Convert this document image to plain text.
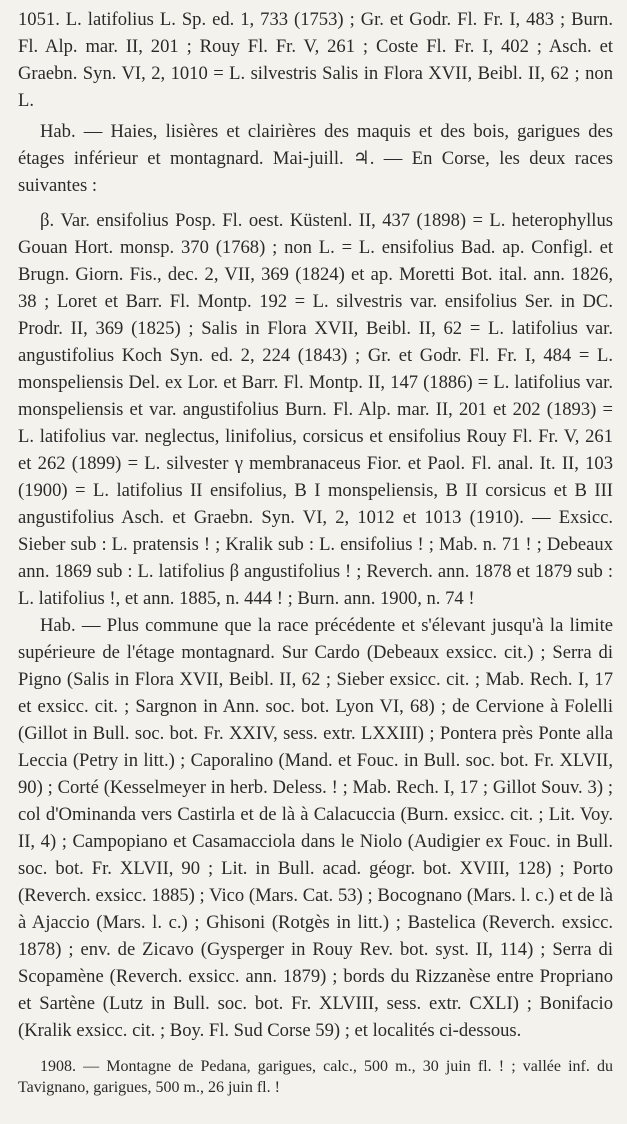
1051. L. latifolius L. Sp. ed. 1, 733 (1753) ; Gr. et Godr. Fl. Fr. I, 483 ; Burn. Fl. Alp. mar. II, 201 ; Rouy Fl. Fr. V, 261 ; Coste Fl. Fr. I, 402 ; Asch. et Graebn. Syn. VI, 2, 1010 = L. silvestris Salis in Flora XVII, Beibl. II, 62 ; non L.

Hab. — Haies, lisières et clairières des maquis et des bois, garigues des étages inférieur et montagnard. Mai-juill. ♃. — En Corse, les deux races suivantes :

β. Var. ensifolius Posp. Fl. oest. Küstenl. II, 437 (1898) = L. heterophyllus Gouan Hort. monsp. 370 (1768) ; non L. = L. ensifolius Bad. ap. Configl. et Brugn. Giorn. Fis., dec. 2, VII, 369 (1824) et ap. Moretti Bot. ital. ann. 1826, 38 ; Loret et Barr. Fl. Montp. 192 = L. silvestris var. ensifolius Ser. in DC. Prodr. II, 369 (1825) ; Salis in Flora XVII, Beibl. II, 62 = L. latifolius var. angustifolius Koch Syn. ed. 2, 224 (1843) ; Gr. et Godr. Fl. Fr. I, 484 = L. monspeliensis Del. ex Lor. et Barr. Fl. Montp. II, 147 (1886) = L. latifolius var. monspeliensis et var. angustifolius Burn. Fl. Alp. mar. II, 201 et 202 (1893) = L. latifolius var. neglectus, linifolius, corsicus et ensifolius Rouy Fl. Fr. V, 261 et 262 (1899) = L. silvester γ membranaceus Fior. et Paol. Fl. anal. It. II, 103 (1900) = L. latifolius II ensifolius, B I monspeliensis, B II corsicus et B III angustifolius Asch. et Graebn. Syn. VI, 2, 1012 et 1013 (1910). — Exsicc. Sieber sub : L. pratensis ! ; Kralik sub : L. ensifolius ! ; Mab. n. 71 ! ; Debeaux ann. 1869 sub : L. latifolius β angustifolius ! ; Reverch. ann. 1878 et 1879 sub : L. latifolius !, et ann. 1885, n. 444 ! ; Burn. ann. 1900, n. 74 !

Hab. — Plus commune que la race précédente et s'élevant jusqu'à la limite supérieure de l'étage montagnard. Sur Cardo (Debeaux exsicc. cit.) ; Serra di Pigno (Salis in Flora XVII, Beibl. II, 62 ; Sieber exsicc. cit. ; Mab. Rech. I, 17 et exsicc. cit. ; Sargnon in Ann. soc. bot. Lyon VI, 68) ; de Cervione à Folelli (Gillot in Bull. soc. bot. Fr. XXIV, sess. extr. LXXIII) ; Pontera près Ponte alla Leccia (Petry in litt.) ; Caporalino (Mand. et Fouc. in Bull. soc. bot. Fr. XLVII, 90) ; Corté (Kesselmeyer in herb. Deless. ! ; Mab. Rech. I, 17 ; Gillot Souv. 3) ; col d'Ominanda vers Castirla et de là à Calacuccia (Burn. exsicc. cit. ; Lit. Voy. II, 4) ; Campopiano et Casamacciola dans le Niolo (Audigier ex Fouc. in Bull. soc. bot. Fr. XLVII, 90 ; Lit. in Bull. acad. géogr. bot. XVIII, 128) ; Porto (Reverch. exsicc. 1885) ; Vico (Mars. Cat. 53) ; Bocognano (Mars. l. c.) et de là à Ajaccio (Mars. l. c.) ; Ghisoni (Rotgès in litt.) ; Bastelica (Reverch. exsicc. 1878) ; env. de Zicavo (Gysperger in Rouy Rev. bot. syst. II, 114) ; Serra di Scopamène (Reverch. exsicc. ann. 1879) ; bords du Rizzanèse entre Propriano et Sartène (Lutz in Bull. soc. bot. Fr. XLVIII, sess. extr. CXLI) ; Bonifacio (Kralik exsicc. cit. ; Boy. Fl. Sud Corse 59) ; et localités ci-dessous.

1908. — Montagne de Pedana, garigues, calc., 500 m., 30 juin fl. ! ; vallée inf. du Tavignano, garigues, 500 m., 26 juin fl. !
